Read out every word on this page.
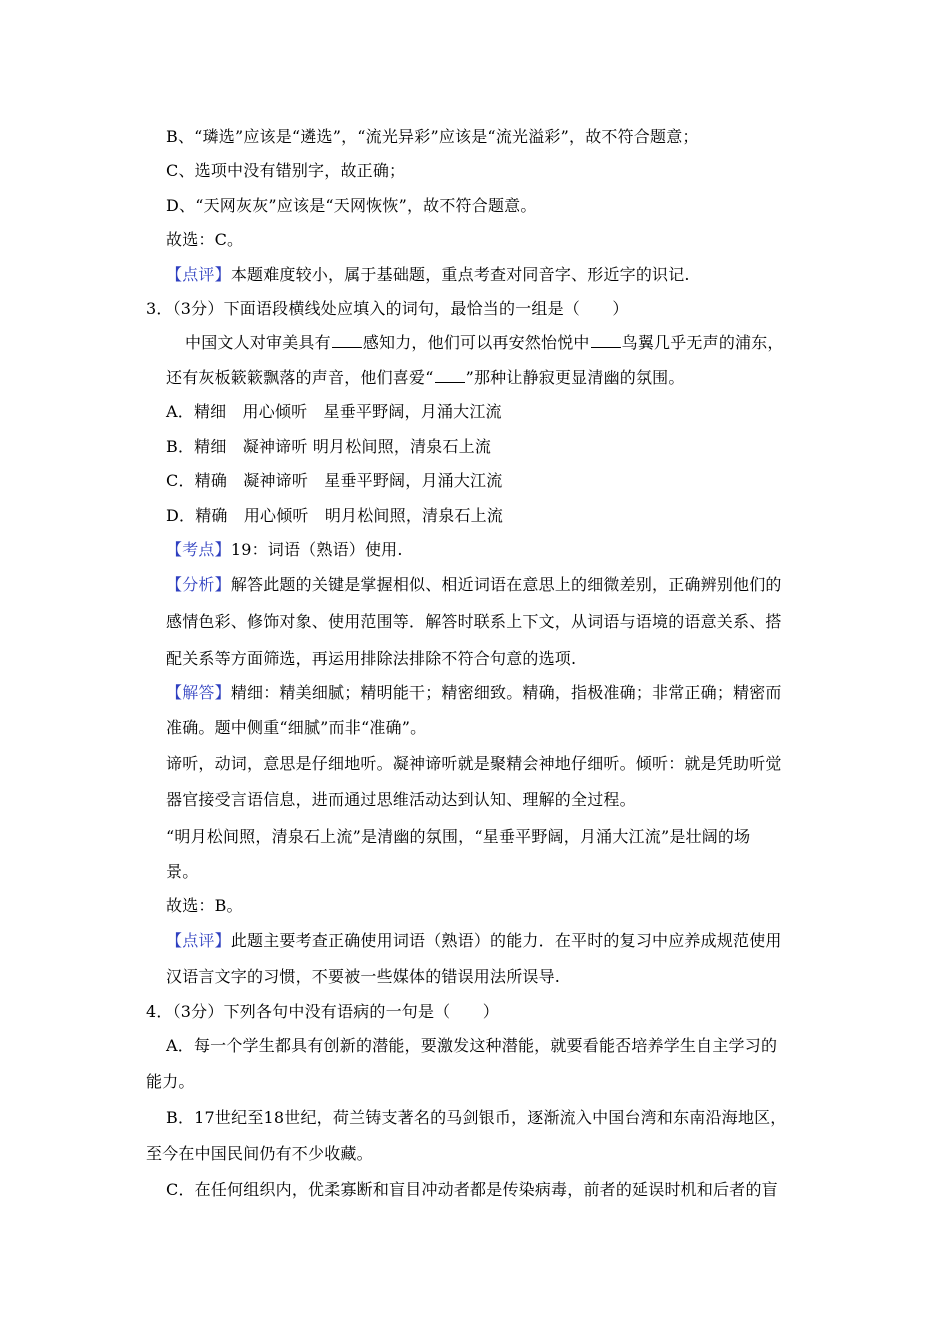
B、“璘选”应该是“遴选”，“流光异彩”应该是“流光溢彩”，故不符合题意；
C、选项中没有错别字，故正确；
D、“天网灰灰”应该是“天网恢恢”，故不符合题意。
故选：C。
【点评】本题难度较小，属于基础题，重点考查对同音字、形近字的识记.
3．（3分）下面语段横线处应填入的词句，最恰当的一组是（　　）
中国文人对审美具有 感知力，他们可以再安然怡悦中 鸟翼几乎无声的浦东，
还有灰板簌簌飘落的声音，他们喜爱“ ”那种让静寂更显清幽的氛围。
A．精细　用心倾听　星垂平野阔，月涌大江流
B．精细　凝神谛听 明月松间照，清泉石上流
C．精确　凝神谛听　星垂平野阔，月涌大江流
D．精确　用心倾听　明月松间照，清泉石上流
【考点】19：词语（熟语）使用.
【分析】解答此题的关键是掌握相似、相近词语在意思上的细微差别，正确辨别他们的
感情色彩、修饰对象、使用范围等．解答时联系上下文，从词语与语境的语意关系、搭
配关系等方面筛选，再运用排除法排除不符合句意的选项.
【解答】精细：精美细腻；精明能干；精密细致。精确，指极准确；非常正确；精密而
准确。题中侧重“细腻”而非“准确”。
谛听，动词，意思是仔细地听。凝神谛听就是聚精会神地仔细听。倾听：就是凭助听觉
器官接受言语信息，进而通过思维活动达到认知、理解的全过程。
“明月松间照，清泉石上流”是清幽的氛围，“星垂平野阔，月涌大江流”是壮阔的场
景。
故选：B。
【点评】此题主要考查正确使用词语（熟语）的能力．在平时的复习中应养成规范使用
汉语言文字的习惯，不要被一些媒体的错误用法所误导.
4．（3分）下列各句中没有语病的一句是（　　）
A．每一个学生都具有创新的潜能，要激发这种潜能，就要看能否培养学生自主学习的
能力。
B．17世纪至18世纪，荷兰铸支著名的马剑银币，逐渐流入中国台湾和东南沿海地区，
至今在中国民间仍有不少收藏。
C．在任何组织内，优柔寡断和盲目冲动者都是传染病毒，前者的延误时机和后者的盲
